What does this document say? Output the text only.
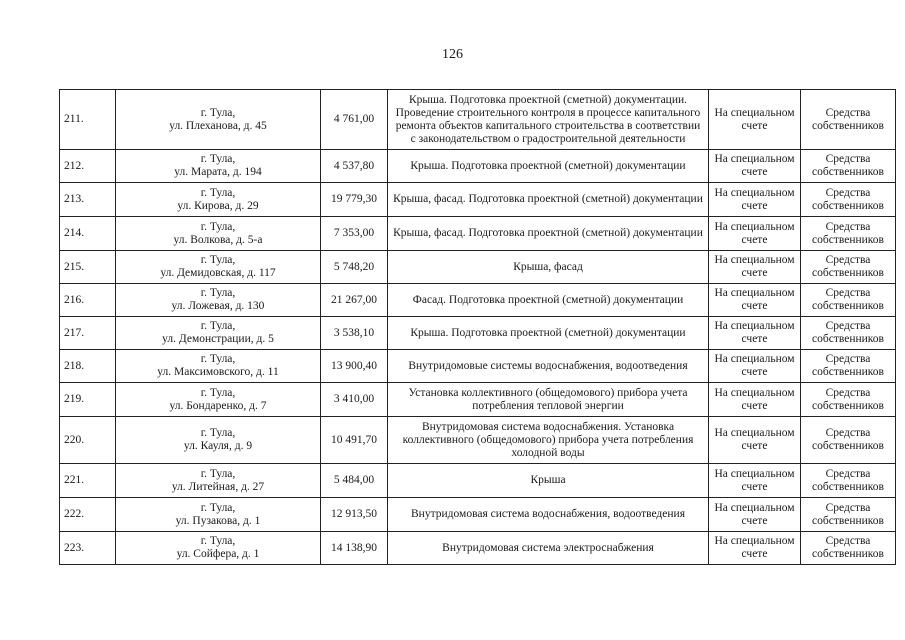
126
211.	г. Тула,
ул. Плеханова, д. 45	4 761,00	Крыша. Подготовка проектной (сметной) документации. Проведение строительного контроля в процессе капитального ремонта объектов капитального строительства в соответствии с законодательством о градостроительной деятельности	На специальном счете	Средства собственников
212.	г. Тула,
ул. Марата, д. 194	4 537,80	Крыша. Подготовка проектной (сметной) документации	На специальном счете	Средства собственников
213.	г. Тула,
ул. Кирова, д. 29	19 779,30	Крыша, фасад. Подготовка проектной (сметной) документации	На специальном счете	Средства собственников
214.	г. Тула,
ул. Волкова, д. 5-а	7 353,00	Крыша, фасад. Подготовка проектной (сметной) документации	На специальном счете	Средства собственников
215.	г. Тула,
ул. Демидовская, д. 117	5 748,20	Крыша, фасад	На специальном счете	Средства собственников
216.	г. Тула,
ул. Ложевая, д. 130	21 267,00	Фасад. Подготовка проектной (сметной) документации	На специальном счете	Средства собственников
217.	г. Тула,
ул. Демонстрации, д. 5	3 538,10	Крыша. Подготовка проектной (сметной) документации	На специальном счете	Средства собственников
218.	г. Тула,
ул. Максимовского, д. 11	13 900,40	Внутридомовые системы водоснабжения, водоотведения	На специальном счете	Средства собственников
219.	г. Тула,
ул. Бондаренко, д. 7	3 410,00	Установка коллективного (общедомового) прибора учета потребления тепловой энергии	На специальном счете	Средства собственников
220.	г. Тула,
ул. Кауля, д. 9	10 491,70	Внутридомовая система водоснабжения. Установка коллективного (общедомового) прибора учета потребления холодной воды	На специальном счете	Средства собственников
221.	г. Тула,
ул. Литейная, д. 27	5 484,00	Крыша	На специальном счете	Средства собственников
222.	г. Тула,
ул. Пузакова, д. 1	12 913,50	Внутридомовая система водоснабжения, водоотведения	На специальном счете	Средства собственников
223.	г. Тула,
ул. Сойфера, д. 1	14 138,90	Внутридомовая система электроснабжения	На специальном счете	Средства собственников
